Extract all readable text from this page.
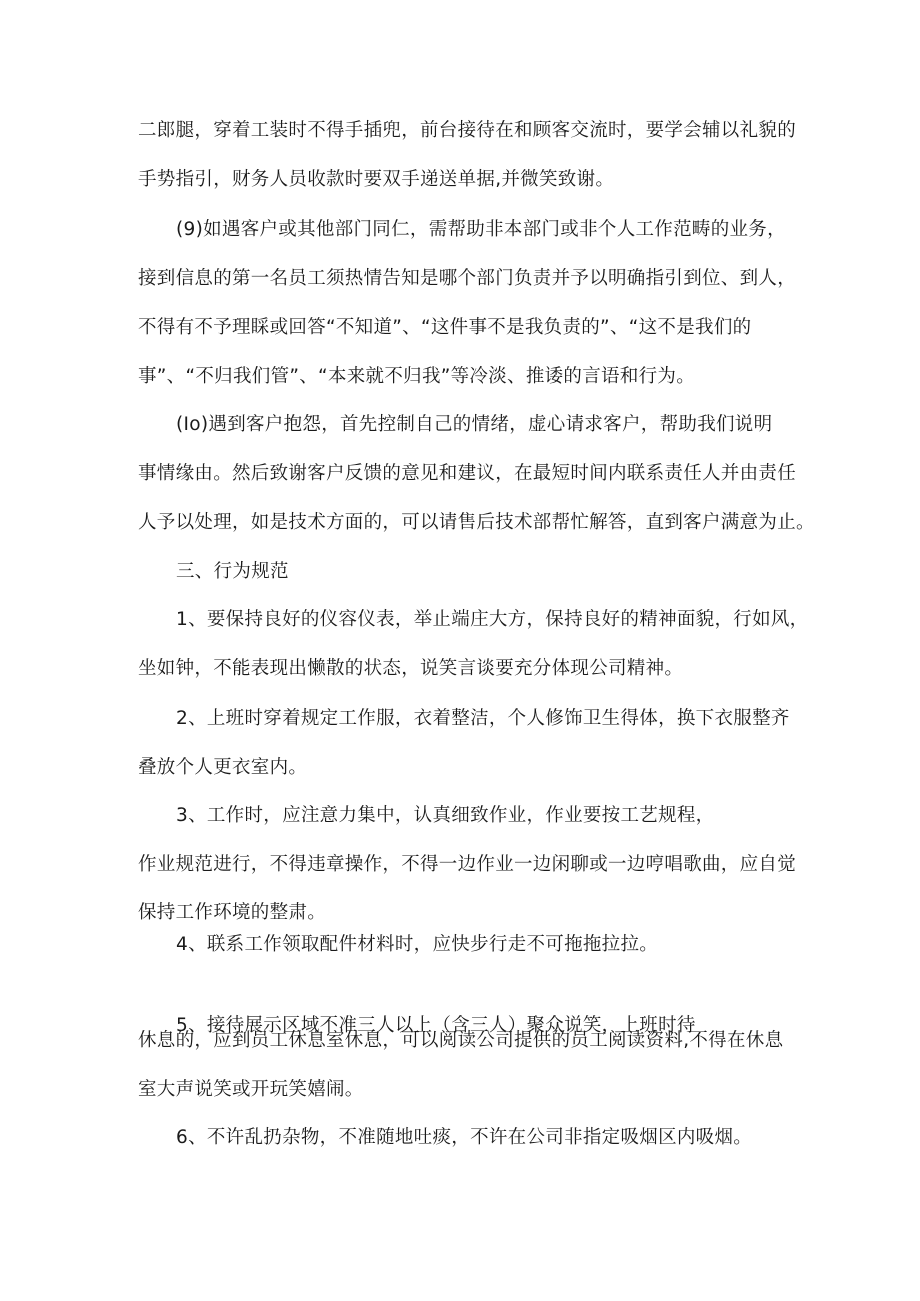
二郎腿，穿着工装时不得手插兜，前台接待在和顾客交流时，要学会辅以礼貌的
手势指引，财务人员收款时要双手递送单据,并微笑致谢。
(9)如遇客户或其他部门同仁，需帮助非本部门或非个人工作范畴的业务，
接到信息的第一名员工须热情告知是哪个部门负责并予以明确指引到位、到人，
不得有不予理睬或回答“不知道”、“这件事不是我负责的”、“这不是我们的
事”、“不归我们管”、“本来就不归我”等冷淡、推诿的言语和行为。
(Io)遇到客户抱怨，首先控制自己的情绪，虚心请求客户，帮助我们说明
事情缘由。然后致谢客户反馈的意见和建议，在最短时间内联系责任人并由责任
人予以处理，如是技术方面的，可以请售后技术部帮忙解答，直到客户满意为止。
三、行为规范
1、要保持良好的仪容仪表，举止端庄大方，保持良好的精神面貌，行如风，
坐如钟，不能表现出懒散的状态，说笑言谈要充分体现公司精神。
2、上班时穿着规定工作服，衣着整洁，个人修饰卫生得体，换下衣服整齐
叠放个人更衣室内。
3、工作时，应注意力集中，认真细致作业，作业要按工艺规程，
作业规范进行，不得违章操作，不得一边作业一边闲聊或一边哼唱歌曲，应自觉
保持工作环境的整肃。
4、联系工作领取配件材料时，应快步行走不可拖拖拉拉。
5、接待展示区域不准三人以上（含三人）聚众说笑，上班时待
休息的，应到员工休息室休息，可以阅读公司提供的员工阅读资料,不得在休息
室大声说笑或开玩笑嬉闹。
6、不许乱扔杂物，不准随地吐痰，不许在公司非指定吸烟区内吸烟。
